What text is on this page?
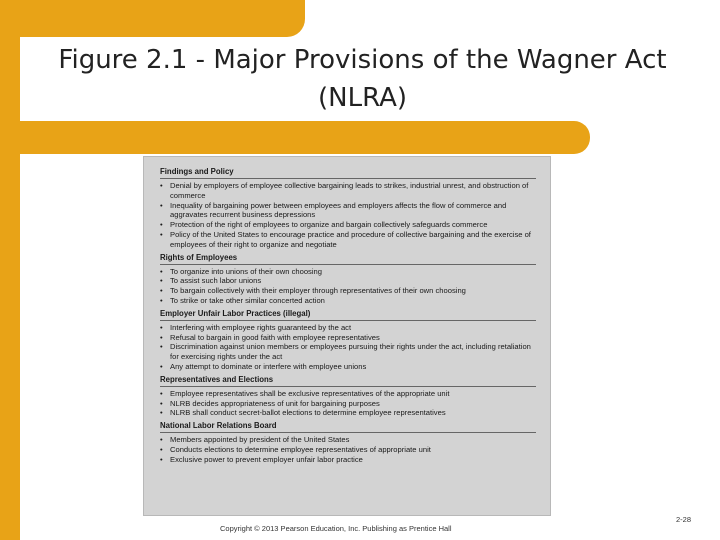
Figure 2.1 - Major Provisions of the Wagner Act (NLRA)
Findings and Policy
• Denial by employers of employee collective bargaining leads to strikes, industrial unrest, and obstruction of commerce
• Inequality of bargaining power between employees and employers affects the flow of commerce and aggravates recurrent business depressions
• Protection of the right of employees to organize and bargain collectively safeguards commerce
• Policy of the United States to encourage practice and procedure of collective bargaining and the exercise of employees of their right to organize and negotiate
Rights of Employees
• To organize into unions of their own choosing
• To assist such labor unions
• To bargain collectively with their employer through representatives of their own choosing
• To strike or take other similar concerted action
Employer Unfair Labor Practices (illegal)
• Interfering with employee rights guaranteed by the act
• Refusal to bargain in good faith with employee representatives
• Discrimination against union members or employees pursuing their rights under the act, including retaliation for exercising rights under the act
• Any attempt to dominate or interfere with employee unions
Representatives and Elections
• Employee representatives shall be exclusive representatives of the appropriate unit
• NLRB decides appropriateness of unit for bargaining purposes
• NLRB shall conduct secret-ballot elections to determine employee representatives
National Labor Relations Board
• Members appointed by president of the United States
• Conducts elections to determine employee representatives of appropriate unit
• Exclusive power to prevent employer unfair labor practice
Copyright © 2013 Pearson Education, Inc. Publishing as Prentice Hall
2-28
